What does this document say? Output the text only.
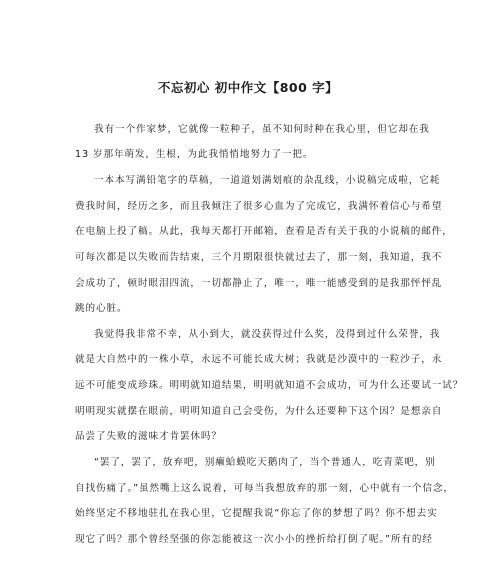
不忘初心 初中作文【800 字】
我有一个作家梦，它就像一粒种子，虽不知何时种在我心里，但它却在我
13 岁那年萌发，生根，为此我悄悄地努力了一把。
一本本写满铅笔字的草稿，一道道划满划痕的杂乱线，小说稿完成啦，它耗
费我时间，经历之多，而且我倾注了很多心血为了完成它，我满怀着信心与希望
在电脑上投了稿。从此，我每天都打开邮箱，查看是否有关于我的小说稿的邮件，
可每次都是以失败而告结束，三个月期限很快就过去了，那一刻，我知道，我不
会成功了，顿时眼泪四流，一切都静止了，唯一，唯一能感受到的是我那怦怦乱
跳的心脏。
我觉得我非常不幸，从小到大，就没获得过什么奖，没得到过什么荣誉，我
就是大自然中的一株小草，永远不可能长成大树；我就是沙漠中的一粒沙子，永
远不可能变成珍珠。明明就知道结果，明明就知道不会成功，可为什么还要试一试？
明明现实就摆在眼前，明明知道自己会受伤，为什么还要种下这个因？是想亲自
品尝了失败的滋味才肯罢休吗？
“罢了，罢了，放弃吧，别癞蛤蟆吃天鹅肉了，当个普通人，吃青菜吧，别
自找伤痛了。”虽然嘴上这么说着，可每当我想放弃的那一刻，心中就有一个信念，
始终坚定不移地驻扎在我心里，它提醒我说“你忘了你的梦想了吗？你不想去实
现它了吗？那个曾经坚强的你怎能被这一次小小的挫折给打倒了呢。”所有的经
